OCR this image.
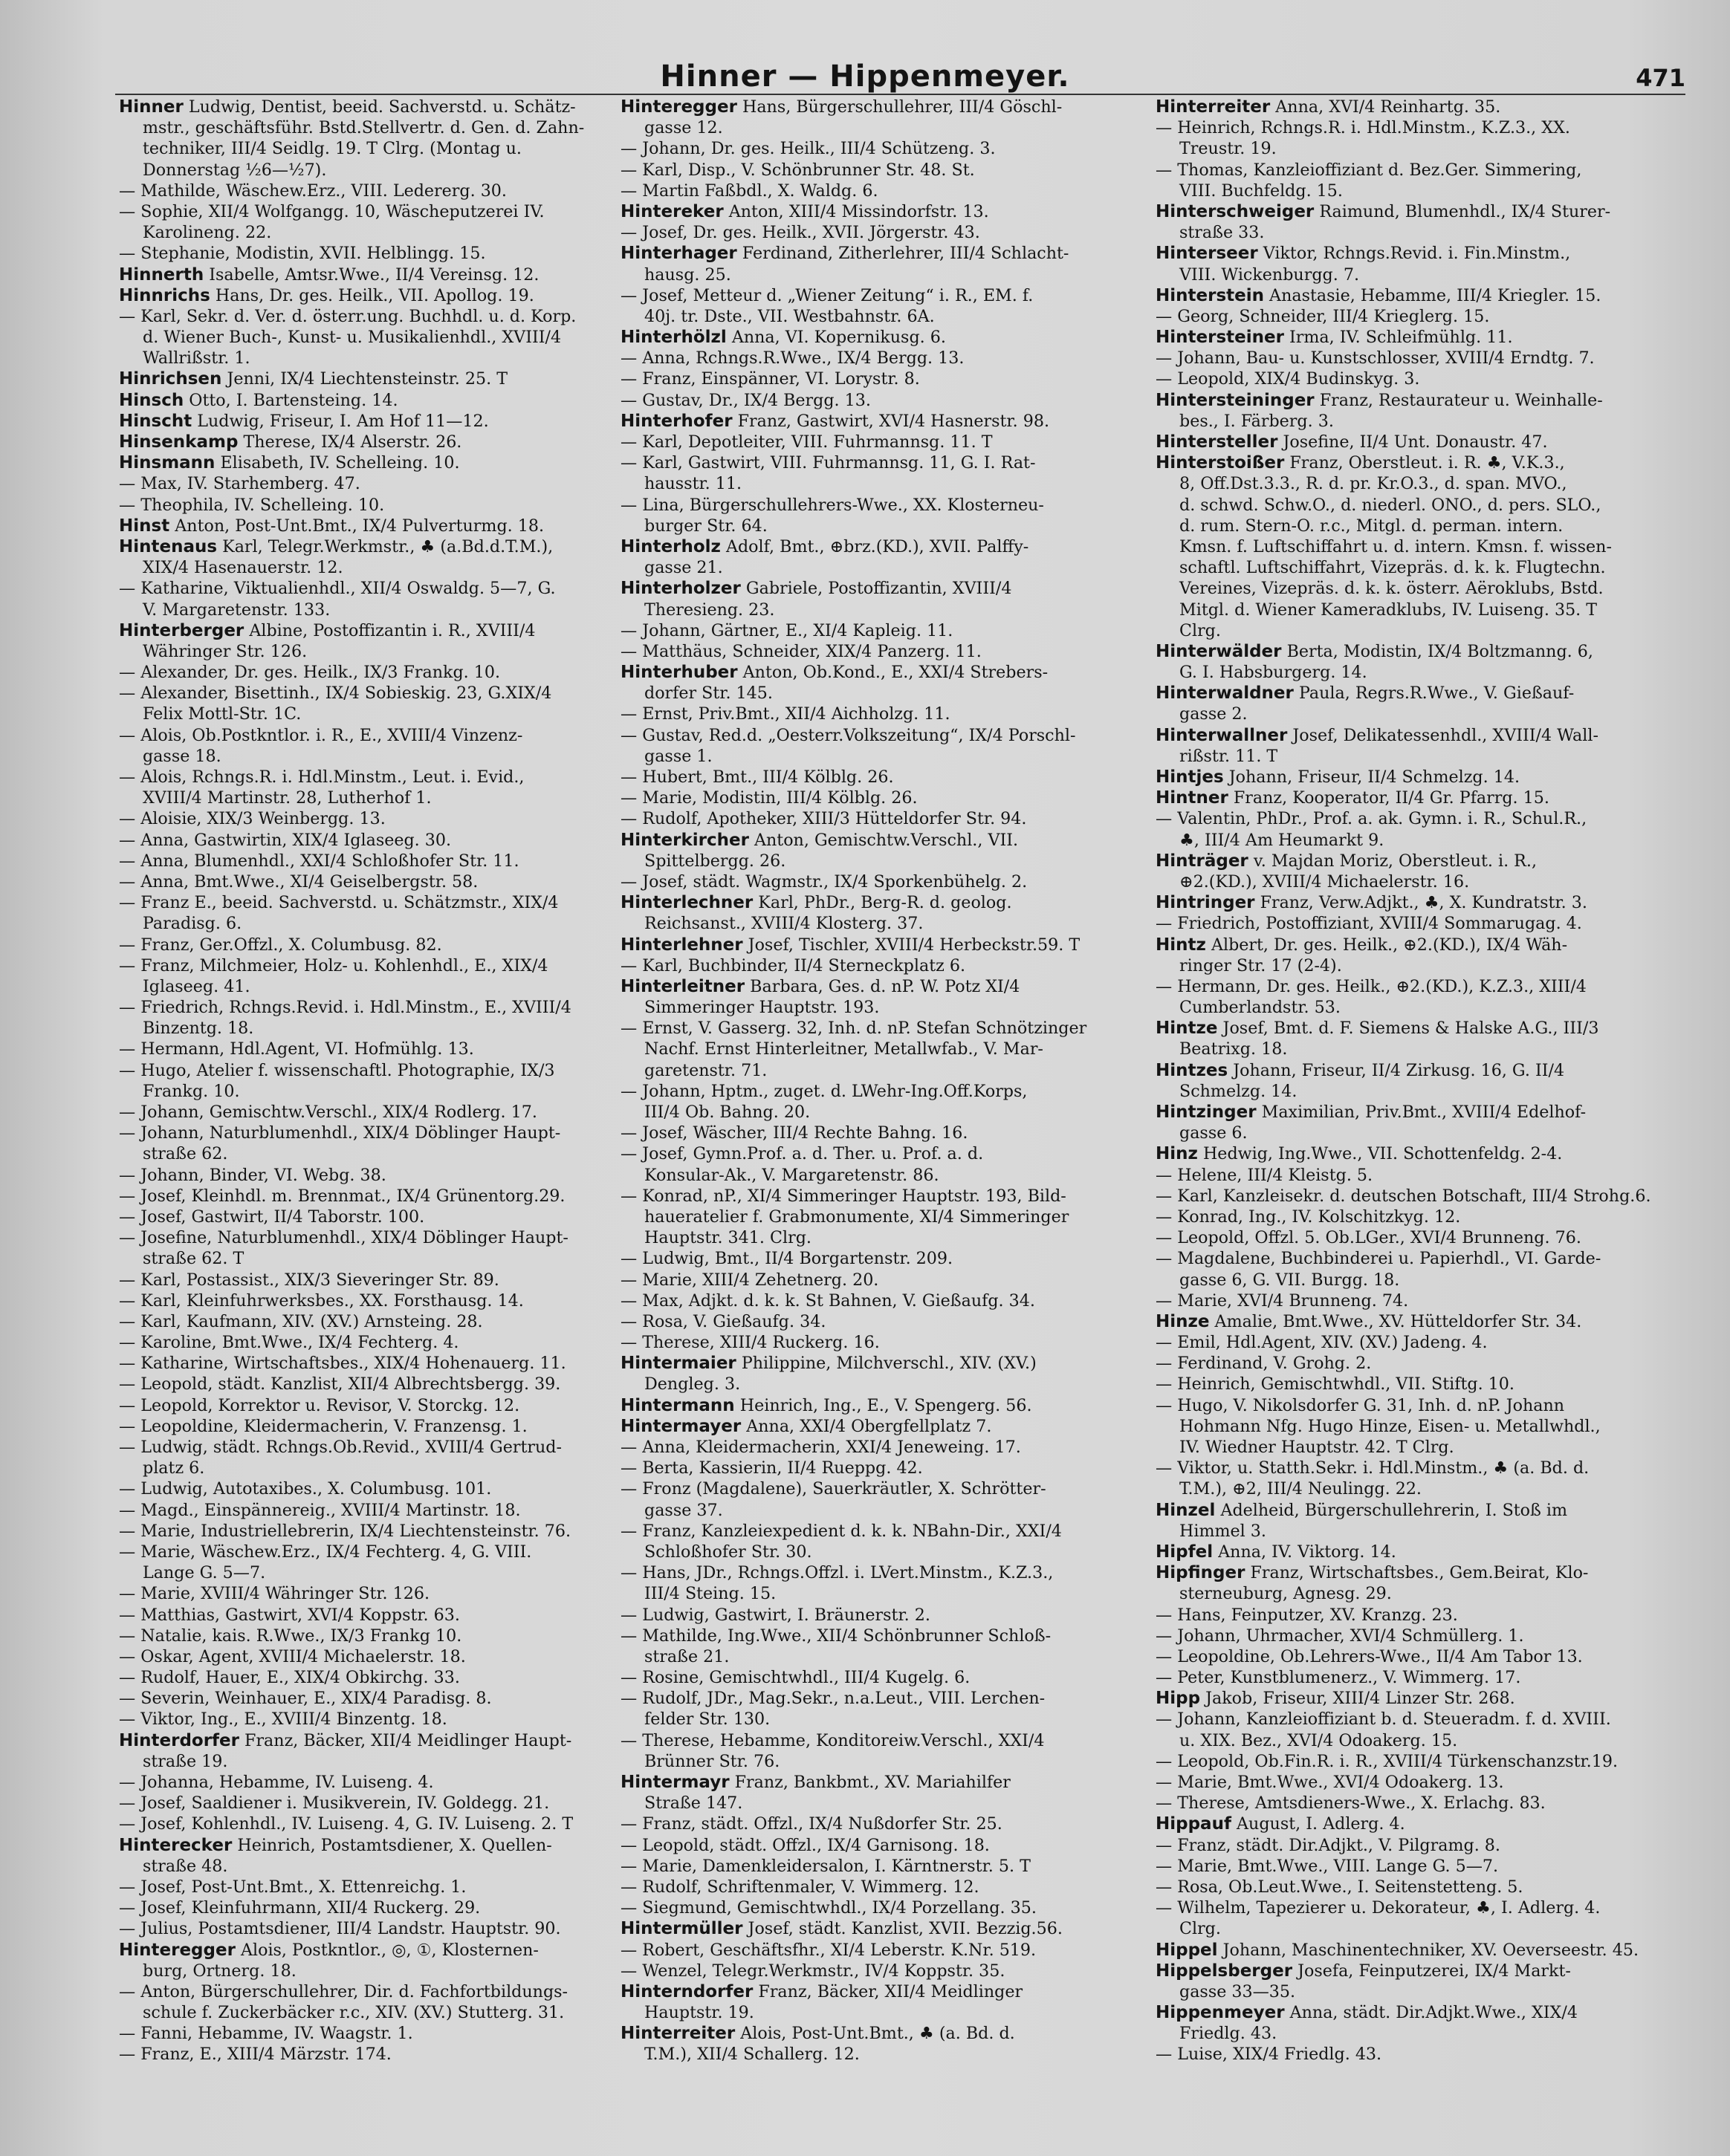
Hinner — Hippenmeyer.	471
Hinner Ludwig, Dentist, beeid. Sachverstd. u. Schätz-
mstr., geschäftsführ. Bstd.Stellvertr. d. Gen. d. Zahn-
techniker, III/4 Seidlg. 19. T Clrg. (Montag u.
Donnerstag ½6—½7).
— Mathilde, Wäschew.Erz., VIII. Ledererg. 30.
— Sophie, XII/4 Wolfgangg. 10, Wäscheputzerei IV.
Karolineng. 22.
— Stephanie, Modistin, XVII. Helblingg. 15.
Hinnerth Isabelle, Amtsr.Wwe., II/4 Vereinsg. 12.
Hinnrichs Hans, Dr. ges. Heilk., VII. Apollog. 19.
— Karl, Sekr. d. Ver. d. österr.ung. Buchhdl. u. d. Korp.
d. Wiener Buch-, Kunst- u. Musikalienhdl., XVIII/4
Wallrißstr. 1.
Hinrichsen Jenni, IX/4 Liechtensteinstr. 25. T
Hinsch Otto, I. Bartensteing. 14.
Hinscht Ludwig, Friseur, I. Am Hof 11—12.
Hinsenkamp Therese, IX/4 Alserstr. 26.
Hinsmann Elisabeth, IV. Schelleing. 10.
— Max, IV. Starhemberg. 47.
— Theophila, IV. Schelleing. 10.
Hinst Anton, Post-Unt.Bmt., IX/4 Pulverturmg. 18.
Hintenaus Karl, Telegr.Werkmstr., ♣ (a.Bd.d.T.M.),
XIX/4 Hasenauerstr. 12.
— Katharine, Viktualienhdl., XII/4 Oswaldg. 5—7, G.
V. Margaretenstr. 133.
Hinterberger Albine, Postoffizantin i. R., XVIII/4
Währinger Str. 126.
— Alexander, Dr. ges. Heilk., IX/3 Frankg. 10.
— Alexander, Bisettinh., IX/4 Sobieskig. 23, G.XIX/4
Felix Mottl-Str. 1C.
— Alois, Ob.Postkntlor. i. R., E., XVIII/4 Vinzenz-
gasse 18.
— Alois, Rchngs.R. i. Hdl.Minstm., Leut. i. Evid.,
XVIII/4 Martinstr. 28, Lutherhof 1.
— Aloisie, XIX/3 Weinbergg. 13.
— Anna, Gastwirtin, XIX/4 Iglaseeg. 30.
— Anna, Blumenhdl., XXI/4 Schloßhofer Str. 11.
— Anna, Bmt.Wwe., XI/4 Geiselbergstr. 58.
— Franz E., beeid. Sachverstd. u. Schätzmstr., XIX/4
Paradisg. 6.
— Franz, Ger.Offzl., X. Columbusg. 82.
— Franz, Milchmeier, Holz- u. Kohlenhdl., E., XIX/4
Iglaseeg. 41.
— Friedrich, Rchngs.Revid. i. Hdl.Minstm., E., XVIII/4
Binzentg. 18.
— Hermann, Hdl.Agent, VI. Hofmühlg. 13.
— Hugo, Atelier f. wissenschaftl. Photographie, IX/3
Frankg. 10.
— Johann, Gemischtw.Verschl., XIX/4 Rodlerg. 17.
— Johann, Naturblumenhdl., XIX/4 Döblinger Haupt-
straße 62.
— Johann, Binder, VI. Webg. 38.
— Josef, Kleinhdl. m. Brennmat., IX/4 Grünentorg.29.
— Josef, Gastwirt, II/4 Taborstr. 100.
— Josefine, Naturblumenhdl., XIX/4 Döblinger Haupt-
straße 62. T
— Karl, Postassist., XIX/3 Sieveringer Str. 89.
— Karl, Kleinfuhrwerksbes., XX. Forsthausg. 14.
— Karl, Kaufmann, XIV. (XV.) Arnsteing. 28.
— Karoline, Bmt.Wwe., IX/4 Fechterg. 4.
— Katharine, Wirtschaftsbes., XIX/4 Hohenauerg. 11.
— Leopold, städt. Kanzlist, XII/4 Albrechtsbergg. 39.
— Leopold, Korrektor u. Revisor, V. Storckg. 12.
— Leopoldine, Kleidermacherin, V. Franzensg. 1.
— Ludwig, städt. Rchngs.Ob.Revid., XVIII/4 Gertrud-
platz 6.
— Ludwig, Autotaxibes., X. Columbusg. 101.
— Magd., Einspännereig., XVIII/4 Martinstr. 18.
— Marie, Industriellebrerin, IX/4 Liechtensteinstr. 76.
— Marie, Wäschew.Erz., IX/4 Fechterg. 4, G. VIII.
Lange G. 5—7.
— Marie, XVIII/4 Währinger Str. 126.
— Matthias, Gastwirt, XVI/4 Koppstr. 63.
— Natalie, kais. R.Wwe., IX/3 Frankg 10.
— Oskar, Agent, XVIII/4 Michaelerstr. 18.
— Rudolf, Hauer, E., XIX/4 Obkirchg. 33.
— Severin, Weinhauer, E., XIX/4 Paradisg. 8.
— Viktor, Ing., E., XVIII/4 Binzentg. 18.
Hinterdorfer Franz, Bäcker, XII/4 Meidlinger Haupt-
straße 19.
— Johanna, Hebamme, IV. Luiseng. 4.
— Josef, Saaldiener i. Musikverein, IV. Goldegg. 21.
— Josef, Kohlenhdl., IV. Luiseng. 4, G. IV. Luiseng. 2. T
Hinterecker Heinrich, Postamtsdiener, X. Quellen-
straße 48.
— Josef, Post-Unt.Bmt., X. Ettenreichg. 1.
— Josef, Kleinfuhrmann, XII/4 Ruckerg. 29.
— Julius, Postamtsdiener, III/4 Landstr. Hauptstr. 90.
Hinteregger Alois, Postkntlor., ◎, ①, Klosternen-
burg, Ortnerg. 18.
— Anton, Bürgerschullehrer, Dir. d. Fachfortbildungs-
schule f. Zuckerbäcker r.c., XIV. (XV.) Stutterg. 31.
— Fanni, Hebamme, IV. Waagstr. 1.
— Franz, E., XIII/4 Märzstr. 174.
Hinteregger Hans, Bürgerschullehrer, III/4 Göschl-
gasse 12.
— Johann, Dr. ges. Heilk., III/4 Schützeng. 3.
— Karl, Disp., V. Schönbrunner Str. 48. St.
— Martin Faßbdl., X. Waldg. 6.
Hintereker Anton, XIII/4 Missindorfstr. 13.
— Josef, Dr. ges. Heilk., XVII. Jörgerstr. 43.
Hinterhager Ferdinand, Zitherlehrer, III/4 Schlacht-
hausg. 25.
— Josef, Metteur d. „Wiener Zeitung“ i. R., EM. f.
40j. tr. Dste., VII. Westbahnstr. 6A.
Hinterhölzl Anna, VI. Kopernikusg. 6.
— Anna, Rchngs.R.Wwe., IX/4 Bergg. 13.
— Franz, Einspänner, VI. Lorystr. 8.
— Gustav, Dr., IX/4 Bergg. 13.
Hinterhofer Franz, Gastwirt, XVI/4 Hasnerstr. 98.
— Karl, Depotleiter, VIII. Fuhrmannsg. 11. T
— Karl, Gastwirt, VIII. Fuhrmannsg. 11, G. I. Rat-
hausstr. 11.
— Lina, Bürgerschullehrers-Wwe., XX. Klosterneu-
burger Str. 64.
Hinterholz Adolf, Bmt., ⊕brz.(KD.), XVII. Palffy-
gasse 21.
Hinterholzer Gabriele, Postoffizantin, XVIII/4
Theresieng. 23.
— Johann, Gärtner, E., XI/4 Kapleig. 11.
— Matthäus, Schneider, XIX/4 Panzerg. 11.
Hinterhuber Anton, Ob.Kond., E., XXI/4 Strebers-
dorfer Str. 145.
— Ernst, Priv.Bmt., XII/4 Aichholzg. 11.
— Gustav, Red.d. „Oesterr.Volkszeitung“, IX/4 Porschl-
gasse 1.
— Hubert, Bmt., III/4 Kölblg. 26.
— Marie, Modistin, III/4 Kölblg. 26.
— Rudolf, Apotheker, XIII/3 Hütteldorfer Str. 94.
Hinterkircher Anton, Gemischtw.Verschl., VII.
Spittelbergg. 26.
— Josef, städt. Wagmstr., IX/4 Sporkenbühelg. 2.
Hinterlechner Karl, PhDr., Berg-R. d. geolog.
Reichsanst., XVIII/4 Klosterg. 37.
Hinterlehner Josef, Tischler, XVIII/4 Herbeckstr.59. T
— Karl, Buchbinder, II/4 Sterneckplatz 6.
Hinterleitner Barbara, Ges. d. nP. W. Potz XI/4
Simmeringer Hauptstr. 193.
— Ernst, V. Gasserg. 32, Inh. d. nP. Stefan Schnötzinger
Nachf. Ernst Hinterleitner, Metallwfab., V. Mar-
garetenstr. 71.
— Johann, Hptm., zuget. d. LWehr-Ing.Off.Korps,
III/4 Ob. Bahng. 20.
— Josef, Wäscher, III/4 Rechte Bahng. 16.
— Josef, Gymn.Prof. a. d. Ther. u. Prof. a. d.
Konsular-Ak., V. Margaretenstr. 86.
— Konrad, nP., XI/4 Simmeringer Hauptstr. 193, Bild-
haueratelier f. Grabmonumente, XI/4 Simmeringer
Hauptstr. 341. Clrg.
— Ludwig, Bmt., II/4 Borgartenstr. 209.
— Marie, XIII/4 Zehetnerg. 20.
— Max, Adjkt. d. k. k. St Bahnen, V. Gießaufg. 34.
— Rosa, V. Gießaufg. 34.
— Therese, XIII/4 Ruckerg. 16.
Hintermaier Philippine, Milchverschl., XIV. (XV.)
Dengleg. 3.
Hintermann Heinrich, Ing., E., V. Spengerg. 56.
Hintermayer Anna, XXI/4 Obergfellplatz 7.
— Anna, Kleidermacherin, XXI/4 Jeneweing. 17.
— Berta, Kassierin, II/4 Rueppg. 42.
— Fronz (Magdalene), Sauerkräutler, X. Schrötter-
gasse 37.
— Franz, Kanzleiexpedient d. k. k. NBahn-Dir., XXI/4
Schloßhofer Str. 30.
— Hans, JDr., Rchngs.Offzl. i. LVert.Minstm., K.Z.3.,
III/4 Steing. 15.
— Ludwig, Gastwirt, I. Bräunerstr. 2.
— Mathilde, Ing.Wwe., XII/4 Schönbrunner Schloß-
straße 21.
— Rosine, Gemischtwhdl., III/4 Kugelg. 6.
— Rudolf, JDr., Mag.Sekr., n.a.Leut., VIII. Lerchen-
felder Str. 130.
— Therese, Hebamme, Konditoreiw.Verschl., XXI/4
Brünner Str. 76.
Hintermayr Franz, Bankbmt., XV. Mariahilfer
Straße 147.
— Franz, städt. Offzl., IX/4 Nußdorfer Str. 25.
— Leopold, städt. Offzl., IX/4 Garnisong. 18.
— Marie, Damenkleidersalon, I. Kärntnerstr. 5. T
— Rudolf, Schriftenmaler, V. Wimmerg. 12.
— Siegmund, Gemischtwhdl., IX/4 Porzellang. 35.
Hintermüller Josef, städt. Kanzlist, XVII. Bezzig.56.
— Robert, Geschäftsfhr., XI/4 Leberstr. K.Nr. 519.
— Wenzel, Telegr.Werkmstr., IV/4 Koppstr. 35.
Hinterndorfer Franz, Bäcker, XII/4 Meidlinger
Hauptstr. 19.
Hinterreiter Alois, Post-Unt.Bmt., ♣ (a. Bd. d.
T.M.), XII/4 Schallerg. 12.
Hinterreiter Anna, XVI/4 Reinhartg. 35.
— Heinrich, Rchngs.R. i. Hdl.Minstm., K.Z.3., XX.
Treustr. 19.
— Thomas, Kanzleioffiziant d. Bez.Ger. Simmering,
VIII. Buchfeldg. 15.
Hinterschweiger Raimund, Blumenhdl., IX/4 Sturer-
straße 33.
Hinterseer Viktor, Rchngs.Revid. i. Fin.Minstm.,
VIII. Wickenburgg. 7.
Hinterstein Anastasie, Hebamme, III/4 Kriegler. 15.
— Georg, Schneider, III/4 Krieglerg. 15.
Hintersteiner Irma, IV. Schleifmühlg. 11.
— Johann, Bau- u. Kunstschlosser, XVIII/4 Erndtg. 7.
— Leopold, XIX/4 Budinskyg. 3.
Hintersteininger Franz, Restaurateur u. Weinhalle-
bes., I. Färberg. 3.
Hintersteller Josefine, II/4 Unt. Donaustr. 47.
Hinterstoißer Franz, Oberstleut. i. R. ♣, V.K.3.,
8, Off.Dst.3.3., R. d. pr. Kr.O.3., d. span. MVO.,
d. schwd. Schw.O., d. niederl. ONO., d. pers. SLO.,
d. rum. Stern-O. r.c., Mitgl. d. perman. intern.
Kmsn. f. Luftschiffahrt u. d. intern. Kmsn. f. wissen-
schaftl. Luftschiffahrt, Vizepräs. d. k. k. Flugtechn.
Vereines, Vizepräs. d. k. k. österr. Aëroklubs, Bstd.
Mitgl. d. Wiener Kameradklubs, IV. Luiseng. 35. T
Clrg.
Hinterwälder Berta, Modistin, IX/4 Boltzmanng. 6,
G. I. Habsburgerg. 14.
Hinterwaldner Paula, Regrs.R.Wwe., V. Gießauf-
gasse 2.
Hinterwallner Josef, Delikatessenhdl., XVIII/4 Wall-
rißstr. 11. T
Hintjes Johann, Friseur, II/4 Schmelzg. 14.
Hintner Franz, Kooperator, II/4 Gr. Pfarrg. 15.
— Valentin, PhDr., Prof. a. ak. Gymn. i. R., Schul.R.,
♣, III/4 Am Heumarkt 9.
Hinträger v. Majdan Moriz, Oberstleut. i. R.,
⊕2.(KD.), XVIII/4 Michaelerstr. 16.
Hintringer Franz, Verw.Adjkt., ♣, X. Kundratstr. 3.
— Friedrich, Postoffiziant, XVIII/4 Sommarugag. 4.
Hintz Albert, Dr. ges. Heilk., ⊕2.(KD.), IX/4 Wäh-
ringer Str. 17 (2-4).
— Hermann, Dr. ges. Heilk., ⊕2.(KD.), K.Z.3., XIII/4
Cumberlandstr. 53.
Hintze Josef, Bmt. d. F. Siemens & Halske A.G., III/3
Beatrixg. 18.
Hintzes Johann, Friseur, II/4 Zirkusg. 16, G. II/4
Schmelzg. 14.
Hintzinger Maximilian, Priv.Bmt., XVIII/4 Edelhof-
gasse 6.
Hinz Hedwig, Ing.Wwe., VII. Schottenfeldg. 2-4.
— Helene, III/4 Kleistg. 5.
— Karl, Kanzleisekr. d. deutschen Botschaft, III/4 Strohg.6.
— Konrad, Ing., IV. Kolschitzkyg. 12.
— Leopold, Offzl. 5. Ob.LGer., XVI/4 Brunneng. 76.
— Magdalene, Buchbinderei u. Papierhdl., VI. Garde-
gasse 6, G. VII. Burgg. 18.
— Marie, XVI/4 Brunneng. 74.
Hinze Amalie, Bmt.Wwe., XV. Hütteldorfer Str. 34.
— Emil, Hdl.Agent, XIV. (XV.) Jadeng. 4.
— Ferdinand, V. Grohg. 2.
— Heinrich, Gemischtwhdl., VII. Stiftg. 10.
— Hugo, V. Nikolsdorfer G. 31, Inh. d. nP. Johann
Hohmann Nfg. Hugo Hinze, Eisen- u. Metallwhdl.,
IV. Wiedner Hauptstr. 42. T Clrg.
— Viktor, u. Statth.Sekr. i. Hdl.Minstm., ♣ (a. Bd. d.
T.M.), ⊕2, III/4 Neulingg. 22.
Hinzel Adelheid, Bürgerschullehrerin, I. Stoß im
Himmel 3.
Hipfel Anna, IV. Viktorg. 14.
Hipfinger Franz, Wirtschaftsbes., Gem.Beirat, Klo-
sterneuburg, Agnesg. 29.
— Hans, Feinputzer, XV. Kranzg. 23.
— Johann, Uhrmacher, XVI/4 Schmüllerg. 1.
— Leopoldine, Ob.Lehrers-Wwe., II/4 Am Tabor 13.
— Peter, Kunstblumenerz., V. Wimmerg. 17.
Hipp Jakob, Friseur, XIII/4 Linzer Str. 268.
— Johann, Kanzleioffiziant b. d. Steueradm. f. d. XVIII.
u. XIX. Bez., XVI/4 Odoakerg. 15.
— Leopold, Ob.Fin.R. i. R., XVIII/4 Türkenschanzstr.19.
— Marie, Bmt.Wwe., XVI/4 Odoakerg. 13.
— Therese, Amtsdieners-Wwe., X. Erlachg. 83.
Hippauf August, I. Adlerg. 4.
— Franz, städt. Dir.Adjkt., V. Pilgramg. 8.
— Marie, Bmt.Wwe., VIII. Lange G. 5—7.
— Rosa, Ob.Leut.Wwe., I. Seitenstetteng. 5.
— Wilhelm, Tapezierer u. Dekorateur, ♣, I. Adlerg. 4.
Clrg.
Hippel Johann, Maschinentechniker, XV. Oeverseestr. 45.
Hippelsberger Josefa, Feinputzerei, IX/4 Markt-
gasse 33—35.
Hippenmeyer Anna, städt. Dir.Adjkt.Wwe., XIX/4
Friedlg. 43.
— Luise, XIX/4 Friedlg. 43.
